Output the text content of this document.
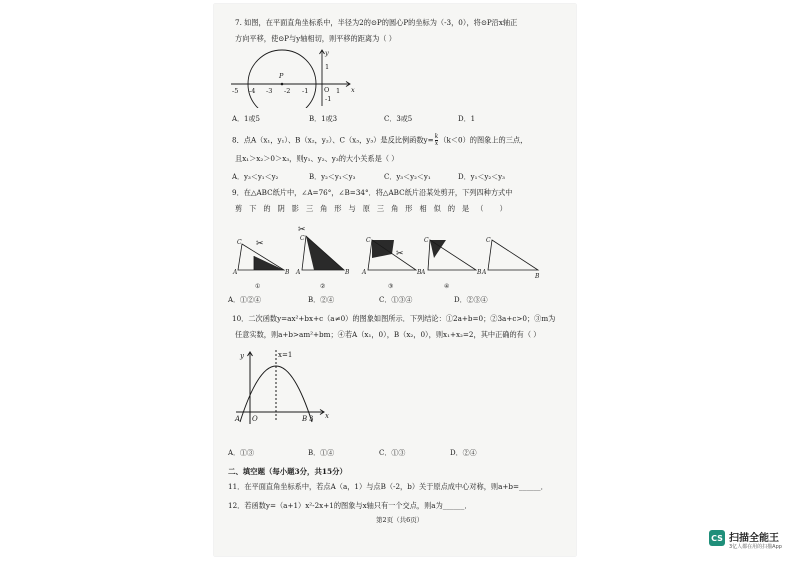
7. 如图，在平面直角坐标系中，半径为2的⊙P的圆心P的坐标为（-3，0），将⊙P沿x轴正
方向平移，使⊙P与y轴相切，则平移的距离为（ ）
-5 -4 -3 -2 -1 O 1 x
y
1
-1
P
A．1或5	B．1或3	C．3或5	D．1
8．点A（x₁，y₁）、B（x₂，y₂）、C（x₃，y₃）是反比例函数$y= \frac{k}{x} (k<0)$的图象上的三点，
且x₁＞x₂＞0＞x₃，则y₁、y₂、y₃的大小关系是（ ）
A．y₃＜y₁＜y₂	B．y₂＜y₁＜y₃	C．y₃＜y₂＜y₁	D．y₁＜y₂＜y₃
9．在△ABC纸片中，∠A=76°，∠B=34°．将△ABC纸片沿某处剪开，下列四种方式中
剪下的阴影三角形与原三角形相似的是（ ）
C
A	B
✂
①
C
A	B
✂
②
C
A	B
✂
③
C
A	B
④
C
A
B
A．①②④	B．②④	C．①③④	D．②③④
10．二次函数y=ax²+bx+c（a≠0）的图象如图所示．下列结论：①2a+b=0；②3a+c>0；③m为
任意实数，则a+b>am²+bm；④若A（x₁，0），B（x₂，0），则x₁+x₂=2，其中正确的有（ ）
x=1
y
A O	B 3 x
A．①③	B．①④	C．①③	D．②④
二、填空题（每小题3分，共15分）
11．在平面直角坐标系中，若点A（a，1）与点B（-2，b）关于原点成中心对称，则a+b=______．
12．若函数y=（a+1）x²-2x+1的图象与x轴只有一个交点，则a为______．
第2页（共6页）
CS 扫描全能王
3亿人都在用的扫描App
